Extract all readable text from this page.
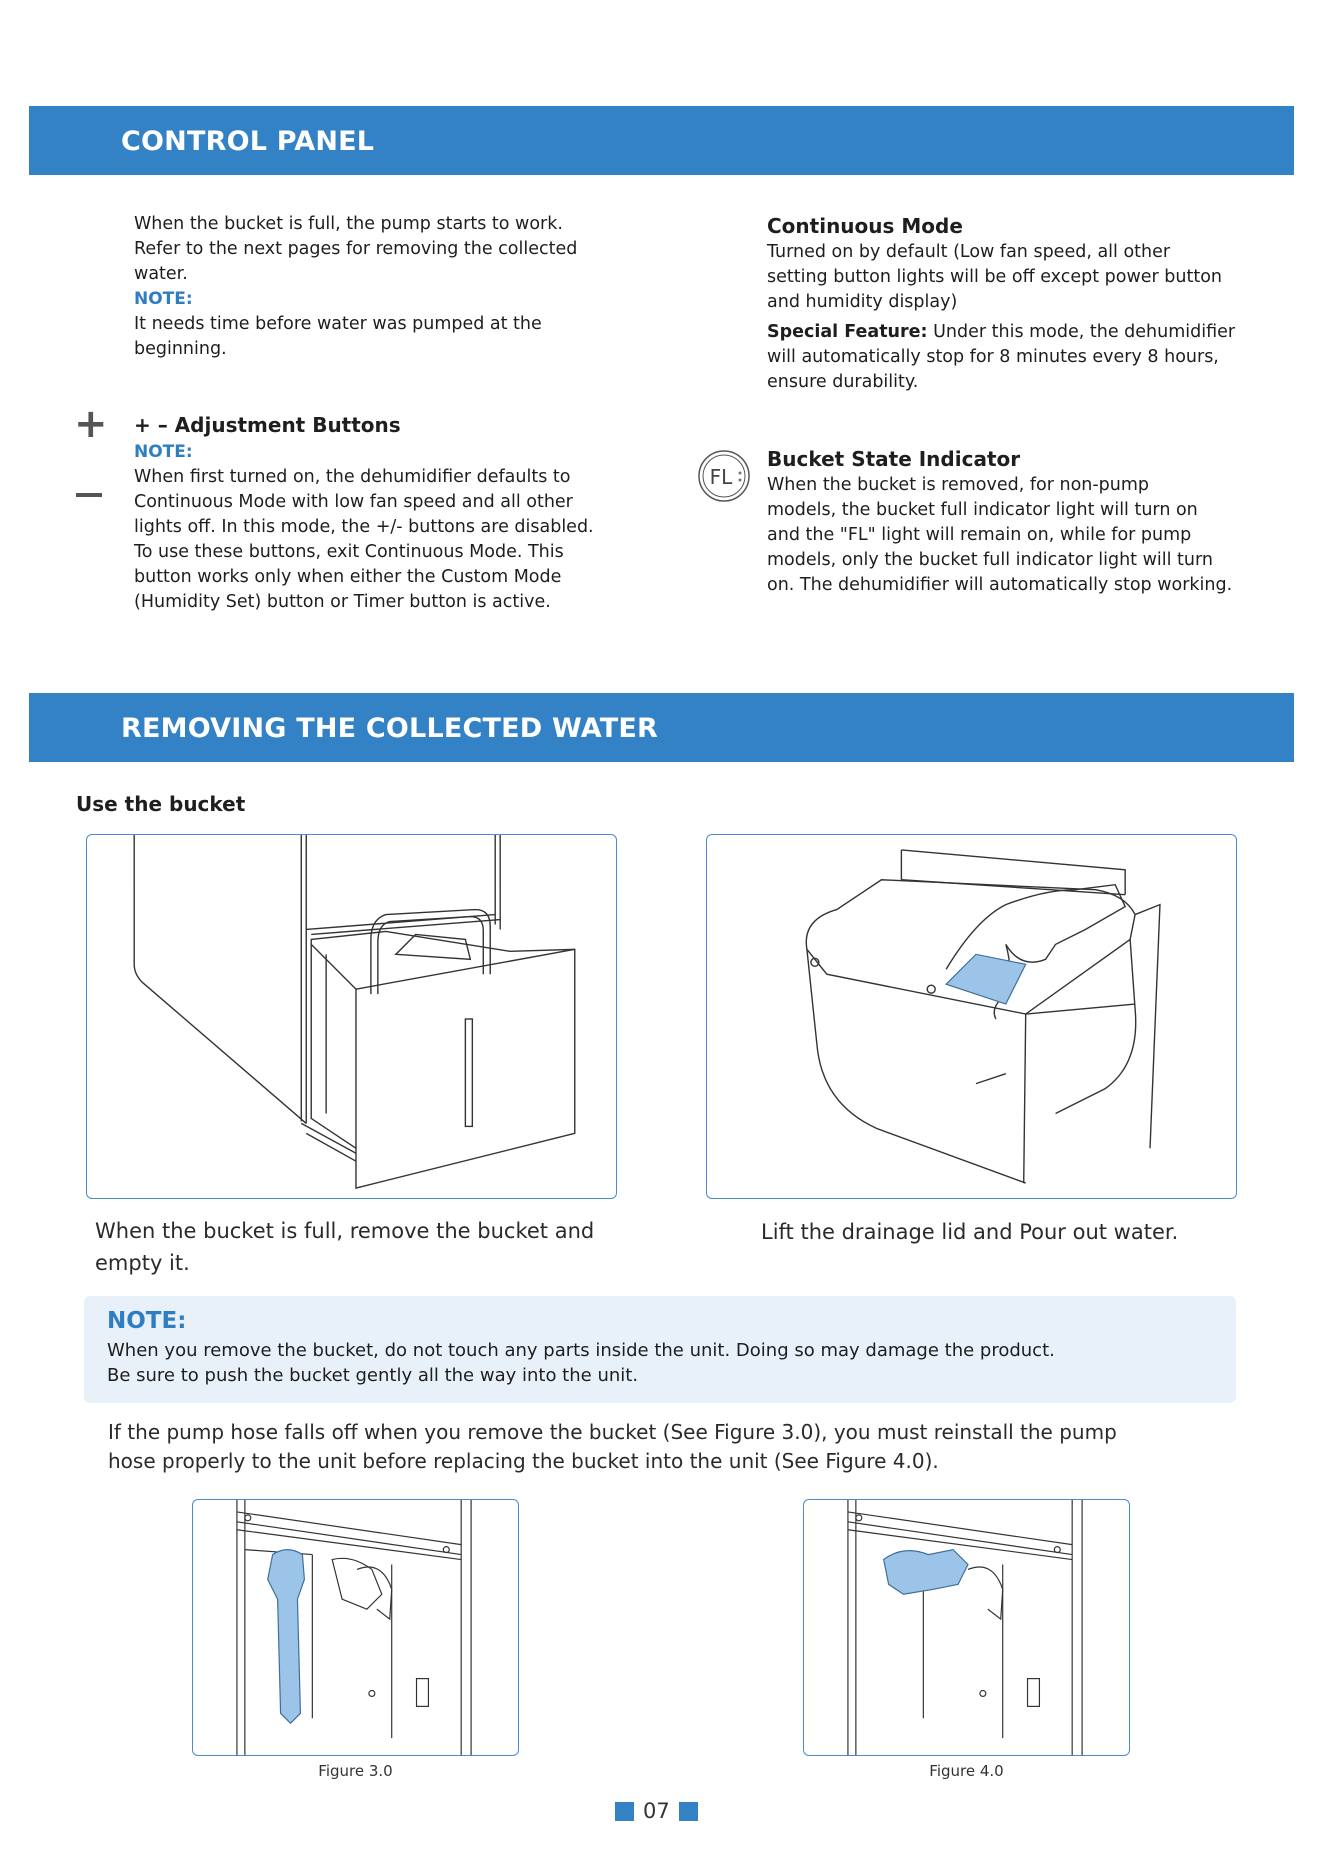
CONTROL PANEL
When the bucket is full, the pump starts to work.
Refer to the next pages for removing the collected
water.
NOTE:
It needs time before water was pumped at the
beginning.
+ + – Adjustment Buttons
NOTE:
When first turned on, the dehumidifier defaults to
Continuous Mode with low fan speed and all other
lights off. In this mode, the +/- buttons are disabled.
To use these buttons, exit Continuous Mode. This
button works only when either the Custom Mode
(Humidity Set) button or Timer button is active.
Continuous Mode
Turned on by default (Low fan speed, all other
setting button lights will be off except power button
and humidity display)
Special Feature: Under this mode, the dehumidifier
will automatically stop for 8 minutes every 8 hours,
ensure durability.
FL
Bucket State Indicator
When the bucket is removed, for non-pump
models, the bucket full indicator light will turn on
and the "FL" light will remain on, while for pump
models, only the bucket full indicator light will turn
on. The dehumidifier will automatically stop working.
REMOVING THE COLLECTED WATER
Use the bucket
When the bucket is full, remove the bucket and
empty it.
Lift the drainage lid and Pour out water.
NOTE:
When you remove the bucket, do not touch any parts inside the unit. Doing so may damage the product.
Be sure to push the bucket gently all the way into the unit.
If the pump hose falls off when you remove the bucket (See Figure 3.0), you must reinstall the pump
hose properly to the unit before replacing the bucket into the unit (See Figure 4.0).
Figure 3.0	Figure 4.0
07
